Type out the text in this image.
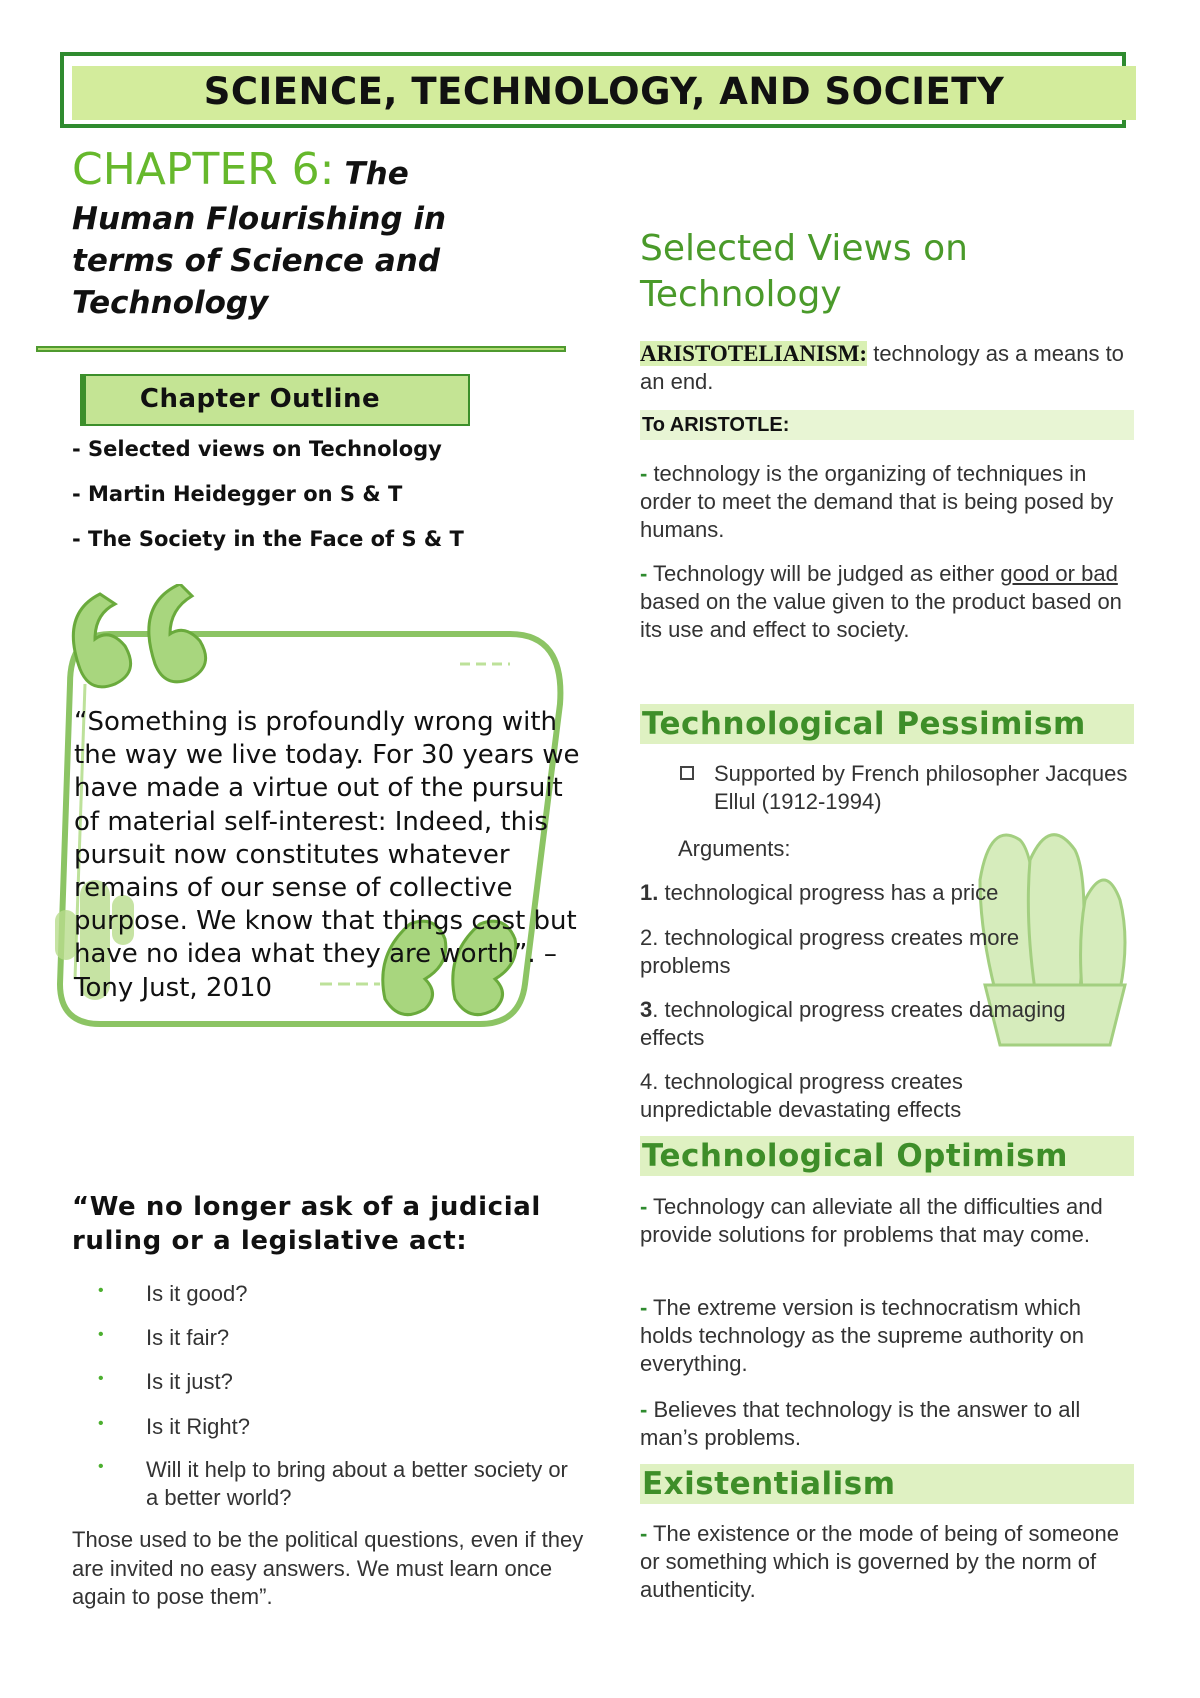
SCIENCE, TECHNOLOGY, AND SOCIETY
CHAPTER 6: The
Human Flourishing in terms of Science and Technology
Chapter Outline
- Selected views on Technology
- Martin Heidegger on S & T
- The Society in the Face of S & T
“Something is profoundly wrong with the way we live today. For 30 years we have made a virtue out of the pursuit of material self-interest: Indeed, this pursuit now constitutes whatever remains of our sense of collective purpose. We know that things cost but have no idea what they are worth”. – Tony Just, 2010
“We no longer ask of a judicial ruling or a legislative act:
• Is it good?
• Is it fair?
• Is it just?
• Is it Right?
• Will it help to bring about a better society or a better world?
Those used to be the political questions, even if they are invited no easy answers. We must learn once again to pose them”.
Selected Views on Technology
ARISTOTELIANISM: technology as a means to an end.
To ARISTOTLE:
- technology is the organizing of techniques in order to meet the demand that is being posed by humans.
- Technology will be judged as either good or bad based on the value given to the product based on its use and effect to society.
Technological Pessimism
Supported by French philosopher Jacques Ellul (1912-1994)
Arguments:
1. technological progress has a price
2. technological progress creates more problems
3. technological progress creates damaging effects
4. technological progress creates unpredictable devastating effects
Technological Optimism
- Technology can alleviate all the difficulties and provide solutions for problems that may come.
- The extreme version is technocratism which holds technology as the supreme authority on everything.
- Believes that technology is the answer to all man’s problems.
Existentialism
- The existence or the mode of being of someone or something which is governed by the norm of authenticity.
